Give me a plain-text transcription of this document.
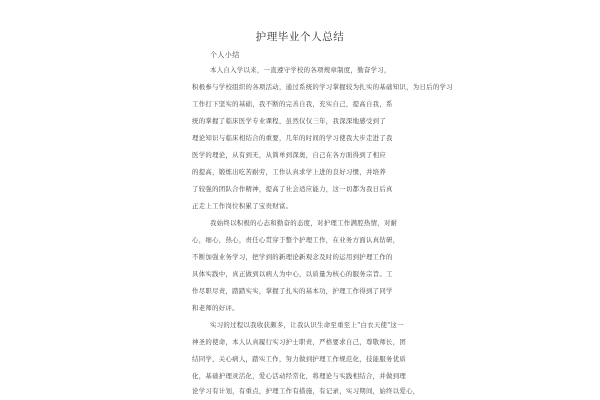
护理毕业个人总结
个人小结
本人自入学以来，一直遵守学校的各项规章制度，勤奋学习，
积极参与学校组织的各项活动，通过系统的学习掌握较为扎实的基础知识，为日后的学习
工作打下坚实的基础，我不断的完善自我，充实自己，提高自我，系
统的掌握了临床医学专业课程，虽然仅仅三年，我深深地感受到了
理论知识与临床相结合的重要，几年的时间的学习使我大步走进了我
医学的理论，从有到无，从简单到深奥，自己在各方面得到了相应
的提高，锻炼出吃苦耐劳，工作认真求学上进的良好习惯，并培养
了较强的团队合作精神，提高了社会适应能力，这一切都为我日后真
正走上工作岗位积累了宝贵财富。
我始终以积极的心态和勤奋的态度，对护理工作满腔热情，对耐
心，细心，热心，责任心贯穿于整个护理工作，在业务方面认真钻研，
不断加强业务学习，把学到的新理论新观念及时的运用到护理工作的
具体实践中，真正做到以病人为中心，以质量为核心的服务宗旨。工
作尽职尽责，踏踏实实，掌握了扎实的基本功，护理工作得到了同学
和老师的好评。
实习的过程以我收获颇多，让我认识生命至重至上"白衣天使"这一
神圣的使命，本人认真履行实习护士职责，严格要求自己，尊敬师长，团
结同学，关心病人，踏实工作，努力做到护理工作规范化，技能服务优质
化，基础护理灵活化，爱心活动经常化，将理论与实践相结合，并做到理
论学习有计划，有重点，护理工作有措施，有记录，实习期间，始终以爱心，
